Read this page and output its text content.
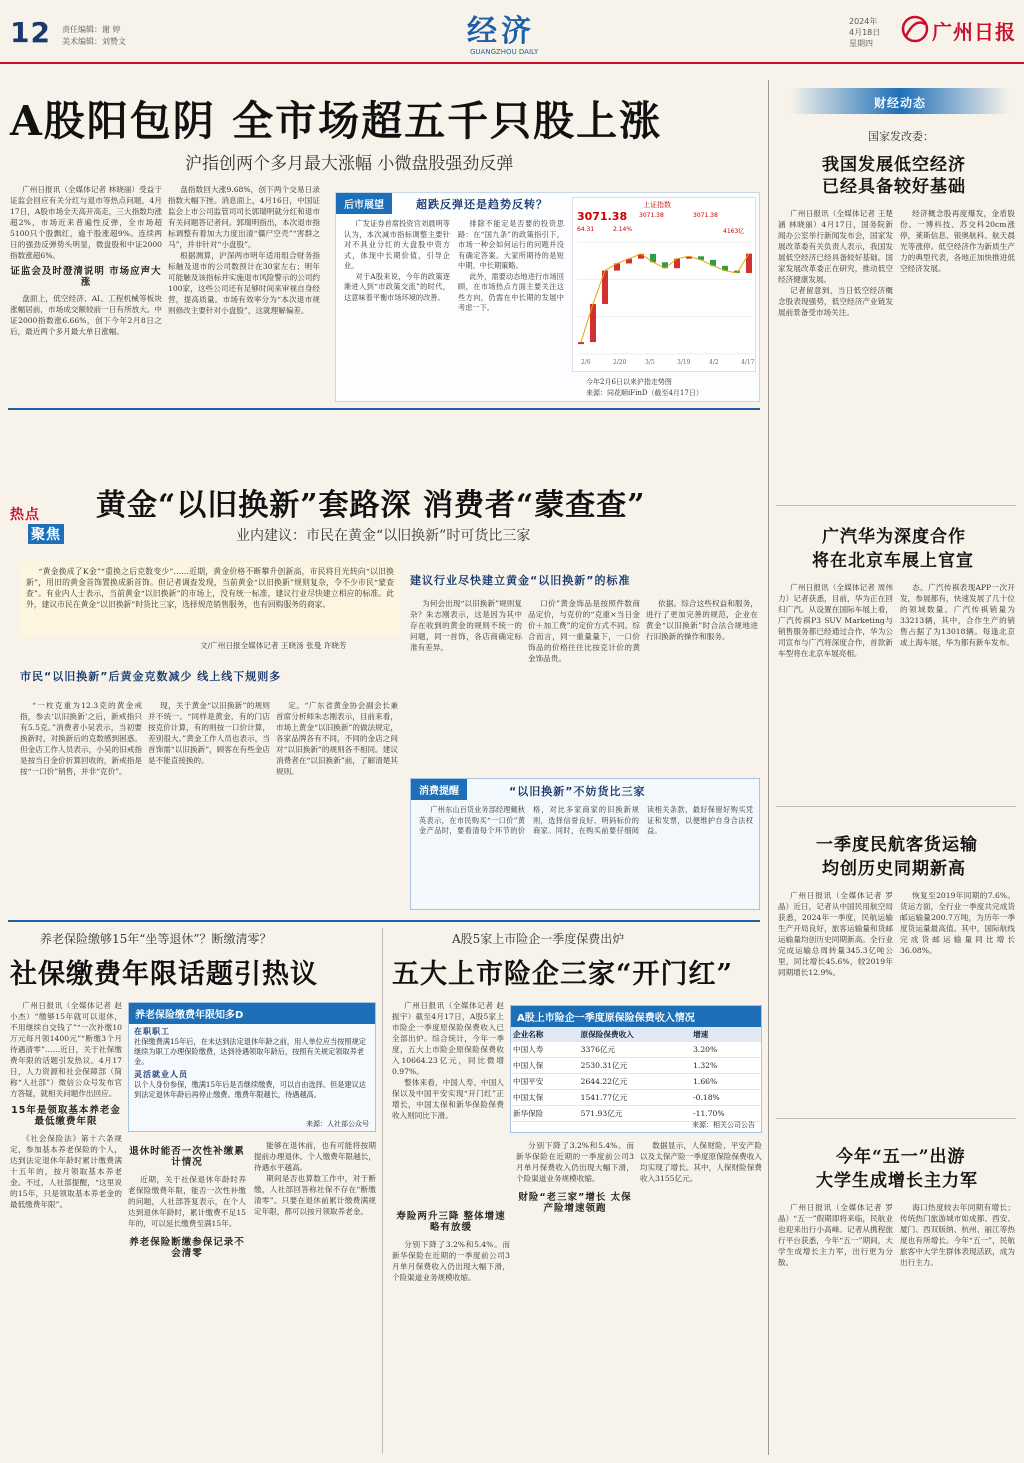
12 责任编辑：谢 婷
美术编辑：刘赞文	经济
GUANGZHOU DAILY
2024年
4月18日
星期四	广州日报
A股阳包阴 全市场超五千只股上涨
沪指创两个多月最大涨幅 小微盘股强劲反弹

广州日报讯（全媒体记者 林晓丽）受益于证监会回应有关分红与退市等热点问题，4月17日，A股市场全天高开高走，三大指数均涨超2%，市场近来普遍性反弹，全市场超5100只个股飘红，逾千股涨超9%。连续两日的强劲反弹势头明显，微盘股和中证2000指数涨超6%。

证监会及时澄清说明 市场应声大涨

盘面上，低空经济、AI、工程机械等板块涨幅居前，市场成交额较前一日有所放大。中证2000指数涨6.66%，创下今年2月8日之后，最近两个多月最大单日涨幅。

盘指数回大涨9.68%，创下两个交易日录指数大幅下挫。消息面上，4月16日，中国证监会上市公司监管司司长郭瑞明就分红和退市有关问题答记者问。郭瑞明指出，本次退市指标调整有着加大力度出清“僵尸空壳”“害群之马”，并非针对“小盘股”。

根据测算，沪深两市明年适用组合财务指标触及退市的公司数预计在30家左右；明年可能触及该指标并实施退市风险警示的公司约100家，这些公司还有足够时间来审视自身经营，提高质量。市场有效率分为“本次退市规则修改主要针对小盘股”，这就理解偏差。

后市展望	超跌反弹还是趋势反转？

广发证券首席投资官刘晨明等认为，本次减市指标调整主要针对不具业分红的大盘股中资方式，体现中长期价值，引导企业。

对于A股来说，今年的政策逐渐进入到“市政策交流”的时代，这意味着平衡市场环境的改善。

排除不能定是否要的投资思路：在“国九条”的政策指引下，市场一种会如何运行的问题并没有确定答案。大家所期待的是短中期、中长期策略。

此外，需要动态地进行市场回顾，在市场热点方面主要关注这些方向，仍需在中长期的发展中考虑一下。

上证指数
3071.38 3071.38	3071.38
64.31	2.14%	4163亿
2/6	2/20	3/5	3/19	4/2	4/17
今年2月6日以来沪指走势图
来源：同花顺iFinD（截至4月17日）
热点
聚焦
黄金“以旧换新”套路深 消费者“蒙查查”
业内建议：市民在黄金“以旧换新”时可货比三家

“黄金换成了K金”“重换之后克数变少”……近期，黄金价格不断攀升创新高，市民将目光转向“以旧换新”，用旧的黄金首饰置换成新首饰。但记者调查发现，当前黄金“以旧换新”规则复杂，令不少市民“蒙查查”。有业内人士表示，当前黄金“以旧换新”的市场上，没有统一标准，建议行业尽快建立相应的标准。此外，建议市民在黄金“以旧换新”时货比三家，选择规范销售服务，也有回购服务的商家。

文/广州日报全媒体记者 王晓汤 张曼 许晓芳
市民“以旧换新”后黄金克数减少 线上线下规则多
建议行业尽快建立黄金“以旧换新”的标准

“一枚克重为12.3克的黄金戒指，参去‘以旧换新’之后，新戒指只有5.5克。”消费者小吴表示，当初要换新时，对换新后的克数感到困惑。但金店工作人员表示，小吴的旧戒指是按当日金价折算回收的，新戒指是按“一口价”销售，并非“克价”。

现，关于黄金“以旧换新”的规则并不统一。“同样是黄金，有的门店按克价计算，有的则按一口价计算，差别很大。”黄金工作人员也表示，当首饰需“以旧换新”，顾客在有些金店是不能直接换的。

定。“广东省黄金协会副会长兼首席分析师朱志刚表示，目前来看，市场上黄金“以旧换新”的做法规定，各家品牌各有不同，不同的金店之间对“以旧换新”的规则各不相同。建议消费者在“以旧换新”前，了解清楚其规则。

为何会出现“以旧换新”规则复杂？朱志刚表示，这是因为其中存在收到的黄金的规则不统一的问题，同一首饰，各店商确定标准有差异。

口价”黄金饰品是按照件数商品定价，与克价的“克重×当日金价＋加工费”的定价方式不同。综合而言，同一重量量下，一口价饰品的价格往往比按克计价的黄金饰品贵。

依据。综合这些权益和服务，进行了更加完善的规范，企业在黄金“以旧换新”时合法合规地进行旧换新的操作和服务。

消费提醒	“以旧换新”不妨货比三家

广州东山百货业务部经理戴秋英表示，在市民购买“一口价”黄金产品时，要看清每个环节的价格，对比多家商家的旧换新规则，选择信誉良好、明码标价的商家。同时，在购买前要仔细阅读相关条款，最好保留好购买凭证和发票，以便维护自身合法权益。

养老保险缴够15年“坐等退休”？断缴清零？
社保缴费年限话题引热议

广州日报讯（全媒体记者 赵小杰）“缴够15年就可以退休，不用继续自交钱了”“一次补缴10万元每月领1400元”“断缴3个月待遇清零”……近日，关于社保缴费年限的话题引发热议。4月17日，人力资源和社会保障部（简称“人社部”）微信公众号发布官方答疑，就相关问题作出回应。

15年是领取基本养老金最低缴费年限

《社会保险法》第十六条规定，参加基本养老保险的个人，达到法定退休年龄时累计缴费满十五年的，按月领取基本养老金。不过，人社部提醒，“这里说的15年，只是领取基本养老金的最低缴费年限”。

养老保险缴费年限知多D
在职职工
社保缴费满15年后，在未达到法定退休年龄之前，用人单位应当按照规定继续为职工办理保险缴费，达到待遇领取年龄后，按照有关规定领取养老金。
灵活就业人员
以个人身份参保，缴满15年后是否继续缴费，可以自由选择。但是建议达到法定退休年龄后再停止缴费。缴费年限越长，待遇越高。
来源：人社部公众号
退休时能否一次性补缴累计情况

近期，关于社保退休年龄时养老保险缴费年限，能否一次性补缴的问题，人社部答复表示，在个人达到退休年龄时，累计缴费不足15年的，可以延长缴费至满15年。

养老保险断缴参保记录不会清零

能够在退休前，也有可能将按期提前办理退休。个人缴费年限越长，待遇水平越高。

期间是否也算数工作中，对于断缴，人社部回答称社保不存在“断缴清零”。只要在退休前累计缴费满规定年限，都可以按月领取养老金。

A股5家上市险企一季度保费出炉
五大上市险企三家“开门红”

广州日报讯（全媒体记者 赵振宇）截至4月17日，A股5家上市险企一季度原保险保费收入已全部出炉。综合统计，今年一季度，五大上市险企原保险保费收入10664.23亿元，同比微增0.97%。

整体来看，中国人寿、中国人保以及中国平安实现“开门红”正增长，中国太保和新华保险保费收入则同比下滑。

A股上市险企一季度原保险保费收入情况
企业名称	原保险保费收入	增速
中国人寿	3376亿元	3.20%
中国人保	2530.31亿元	1.32%
中国平安	2644.22亿元	1.66%
中国太保	1541.77亿元	-0.18%
新华保险	571.93亿元	-11.70%
来源：相关公司公告
寿险两升三降 整体增速略有放缓

分别下降了3.2%和5.4%。而新华保险在近期的一季度前公司3月单月保费收入仍出现大幅下滑，个险渠道业务规模收缩。

分别下降了3.2%和5.4%。而新华保险在近期的一季度前公司3月单月保费收入仍出现大幅下滑，个险渠道业务规模收缩。

财险“老三家”增长 太保产险增速领跑

数据显示，人保财险、平安产险以及太保产险一季度原保险保费收入均实现了增长。其中，人保财险保费收入3155亿元。

财经动态
国家发改委：
我国发展低空经济
已经具备较好基础

广州日报讯（全媒体记者 王楚涵 林晓丽）4月17日，国务院新闻办公室举行新闻发布会，国家发展改革委有关负责人表示，我国发展低空经济已经具备较好基础。国家发展改革委正在研究，推动低空经济健康发展。

记者留意到，当日低空经济概念股表现强势，低空经济产业链发展前景备受市场关注。

经济概念股再度爆发，金盾股份、一博科技、苏交科20cm涨停，莱斯信息、银奥航科、航天晨光等涨停。低空经济作为新质生产力的典型代表，各地正加快推进低空经济发展。

广汽华为深度合作
将在北京车展上官宣

广州日报讯（全媒体记者 周伟力）记者获悉，目前，华为正在回归广汽。从设置在国际车展上看，广汽传祺P3 SUV Marketing与销售服务都已经通过合作，华为公司宣布与广汽将深度合作，首款新车型将在北京车展亮相。

态。广汽传祺表现APP一次开发，参展都有，快速发展了几十位的领域数量。广汽传祺销量为33213辆，其中，合作生产的销售占据了为13018辆。每逢北京或上海车展，华为都有新车发布。

一季度民航客货运输
均创历史同期新高

广州日报讯（全媒体记者 罗晶）近日，记者从中国民用航空局获悉，2024年一季度，民航运输生产开局良好，旅客运输量和货邮运输量均创历史同期新高。全行业完成运输总周转量345.3亿吨公里，同比增长45.6%，较2019年同期增长12.9%。

恢复至2019年同期的7.6%。货运方面，全行业一季度共完成货邮运输量200.7万吨，为历年一季度货运量最高值。其中，国际航线完成货邮运输量同比增长36.08%。

今年“五一”出游
大学生成增长主力军

广州日报讯（全媒体记者 罗晶）“五一”假期即将来临，民航业也迎来出行小高峰。记者从携程旅行平台获悉，今年“五一”期间，大学生成增长主力军，出行更为分散。

海口热度较去年同期有增长；传统热门旅游城市如成都、西安、厦门、西双版纳、杭州、丽江等热度也有所增长。今年“五一”，民航旅客中大学生群体表现活跃，成为出行主力。
